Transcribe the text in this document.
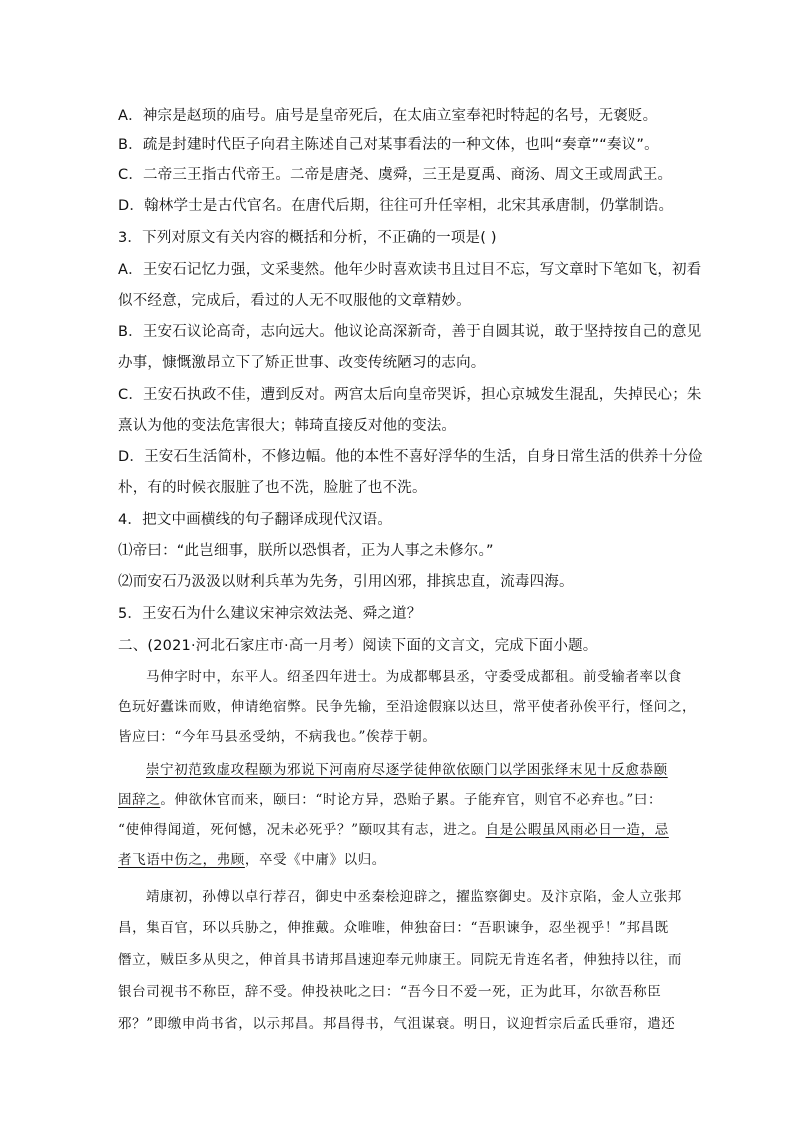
A．神宗是赵顼的庙号。庙号是皇帝死后，在太庙立室奉祀时特起的名号，无褒贬。
B．疏是封建时代臣子向君主陈述自己对某事看法的一种文体，也叫“奏章”“奏议”。
C．二帝三王指古代帝王。二帝是唐尧、虞舜，三王是夏禹、商汤、周文王或周武王。
D．翰林学士是古代官名。在唐代后期，往往可升任宰相，北宋其承唐制，仍掌制诰。
3．下列对原文有关内容的概括和分析，不正确的一项是( )
A．王安石记忆力强，文采斐然。他年少时喜欢读书且过目不忘，写文章时下笔如飞，初看
似不经意，完成后，看过的人无不叹服他的文章精妙。
B．王安石议论高奇，志向远大。他议论高深新奇，善于自圆其说，敢于坚持按自己的意见
办事，慷慨激昂立下了矫正世事、改变传统陋习的志向。
C．王安石执政不佳，遭到反对。两宫太后向皇帝哭诉，担心京城发生混乱，失掉民心；朱
熹认为他的变法危害很大；韩琦直接反对他的变法。
D．王安石生活简朴，不修边幅。他的本性不喜好浮华的生活，自身日常生活的供养十分俭
朴，有的时候衣服脏了也不洗，脸脏了也不洗。
4．把文中画横线的句子翻译成现代汉语。
⑴帝曰：“此岂细事，朕所以恐惧者，正为人事之未修尔。”
⑵而安石乃汲汲以财利兵革为先务，引用凶邪，排摈忠直，流毒四海。
5．王安石为什么建议宋神宗效法尧、舜之道？
二、(2021·河北石家庄市·高一月考）阅读下面的文言文，完成下面小题。
马伸字时中，东平人。绍圣四年进士。为成都郫县丞，守委受成都租。前受输者率以食
色玩好蠹诛而败，伸请绝宿弊。民争先输，至沿途假寐以达旦，常平使者孙俟平行，怪问之，
皆应曰：“今年马县丞受纳，不病我也。”俟荐于朝。
崇宁初范致虚攻程颐为邪说下河南府尽逐学徒伸欲依颐门以学困张绎末见十反愈恭颐
固辞之。伸欲休官而来，颐曰：“时论方异，恐贻子累。子能弃官，则官不必弃也。”曰：
“使伸得闻道，死何憾，况未必死乎？”颐叹其有志，进之。自是公暇虽风雨必日一造，忌
者飞语中伤之，弗顾，卒受《中庸》以归。
靖康初，孙傅以卓行荐召，御史中丞秦桧迎辟之，擢监察御史。及汴京陷，金人立张邦
昌，集百官，环以兵胁之，伸推戴。众唯唯，伸独奋曰：“吾职谏争，忍坐视乎！”邦昌既
僭立，贼臣多从臾之，伸首具书请邦昌速迎奉元帅康王。同院无肯连名者，伸独持以往，而
银台司视书不称臣，辞不受。伸投袂叱之曰：“吾今日不爱一死，正为此耳，尔欲吾称臣
邪？”即缴申尚书省，以示邦昌。邦昌得书，气沮谋衰。明日，议迎哲宗后孟氏垂帘，遣还
